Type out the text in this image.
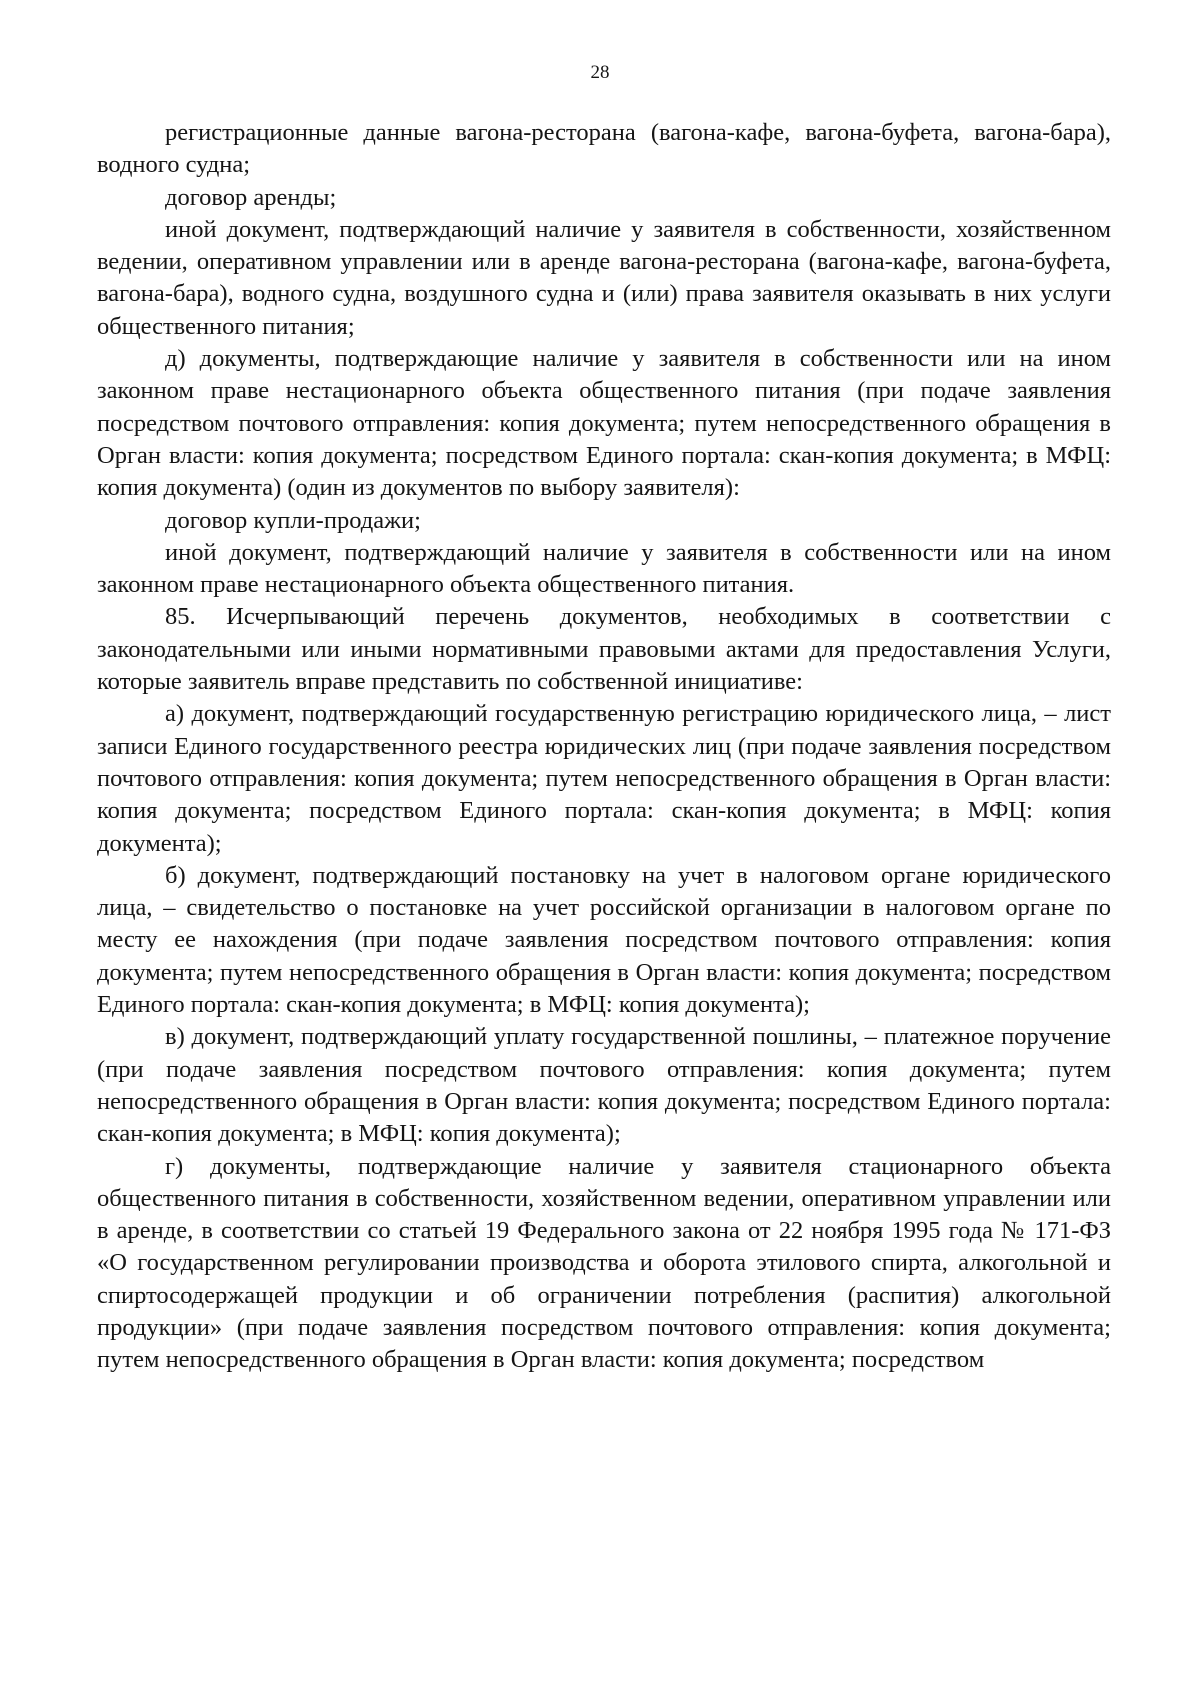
28

регистрационные данные вагона-ресторана (вагона-кафе, вагона-буфета, вагона-бара), водного судна;

договор аренды;

иной документ, подтверждающий наличие у заявителя в собственности, хозяйственном ведении, оперативном управлении или в аренде вагона-ресторана (вагона-кафе, вагона-буфета, вагона-бара), водного судна, воздушного судна и (или) права заявителя оказывать в них услуги общественного питания;

д) документы, подтверждающие наличие у заявителя в собственности или на ином законном праве нестационарного объекта общественного питания (при подаче заявления посредством почтового отправления: копия документа; путем непосредственного обращения в Орган власти: копия документа; посредством Единого портала: скан-копия документа; в МФЦ: копия документа) (один из документов по выбору заявителя):

договор купли-продажи;

иной документ, подтверждающий наличие у заявителя в собственности или на ином законном праве нестационарного объекта общественного питания.

85. Исчерпывающий перечень документов, необходимых в соответствии с законодательными или иными нормативными правовыми актами для предоставления Услуги, которые заявитель вправе представить по собственной инициативе:

а) документ, подтверждающий государственную регистрацию юридического лица, – лист записи Единого государственного реестра юридических лиц (при подаче заявления посредством почтового отправления: копия документа; путем непосредственного обращения в Орган власти: копия документа; посредством Единого портала: скан-копия документа; в МФЦ: копия документа);

б) документ, подтверждающий постановку на учет в налоговом органе юридического лица, – свидетельство о постановке на учет российской организации в налоговом органе по месту ее нахождения (при подаче заявления посредством почтового отправления: копия документа; путем непосредственного обращения в Орган власти: копия документа; посредством Единого портала: скан-копия документа; в МФЦ: копия документа);

в) документ, подтверждающий уплату государственной пошлины, – платежное поручение (при подаче заявления посредством почтового отправления: копия документа; путем непосредственного обращения в Орган власти: копия документа; посредством Единого портала: скан-копия документа; в МФЦ: копия документа);

г) документы, подтверждающие наличие у заявителя стационарного объекта общественного питания в собственности, хозяйственном ведении, оперативном управлении или в аренде, в соответствии со статьей 19 Федерального закона от 22 ноября 1995 года № 171-ФЗ «О государственном регулировании производства и оборота этилового спирта, алкогольной и спиртосодержащей продукции и об ограничении потребления (распития) алкогольной продукции» (при подаче заявления посредством почтового отправления: копия документа; путем непосредственного обращения в Орган власти: копия документа; посредством
